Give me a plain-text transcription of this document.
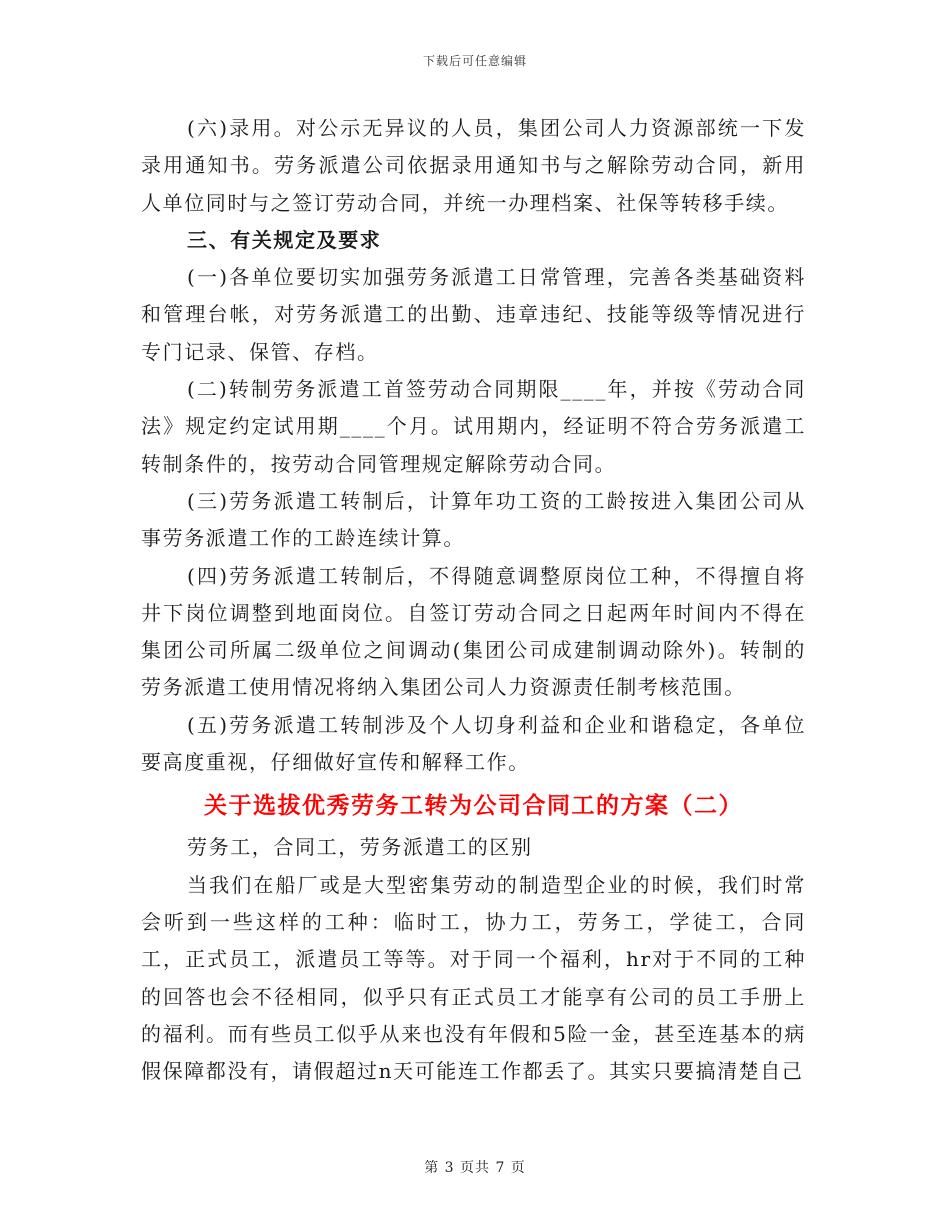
下载后可任意编辑

(六)录用。对公示无异议的人员，集团公司人力资源部统一下发录用通知书。劳务派遣公司依据录用通知书与之解除劳动合同，新用人单位同时与之签订劳动合同，并统一办理档案、社保等转移手续。

三、有关规定及要求

(一)各单位要切实加强劳务派遣工日常管理，完善各类基础资料和管理台帐，对劳务派遣工的出勤、违章违纪、技能等级等情况进行专门记录、保管、存档。

(二)转制劳务派遣工首签劳动合同期限____年，并按《劳动合同法》规定约定试用期____个月。试用期内，经证明不符合劳务派遣工转制条件的，按劳动合同管理规定解除劳动合同。

(三)劳务派遣工转制后，计算年功工资的工龄按进入集团公司从事劳务派遣工作的工龄连续计算。

(四)劳务派遣工转制后，不得随意调整原岗位工种，不得擅自将井下岗位调整到地面岗位。自签订劳动合同之日起两年时间内不得在集团公司所属二级单位之间调动(集团公司成建制调动除外)。转制的劳务派遣工使用情况将纳入集团公司人力资源责任制考核范围。

(五)劳务派遣工转制涉及个人切身利益和企业和谐稳定，各单位要高度重视，仔细做好宣传和解释工作。

关于选拔优秀劳务工转为公司合同工的方案（二）

劳务工，合同工，劳务派遣工的区别

当我们在船厂或是大型密集劳动的制造型企业的时候，我们时常会听到一些这样的工种：临时工，协力工，劳务工，学徒工，合同工，正式员工，派遣员工等等。对于同一个福利，hr对于不同的工种的回答也会不径相同，似乎只有正式员工才能享有公司的员工手册上的福利。而有些员工似乎从来也没有年假和5险一金，甚至连基本的病假保障都没有，请假超过n天可能连工作都丢了。其实只要搞清楚自己

第 3 页共 7 页
